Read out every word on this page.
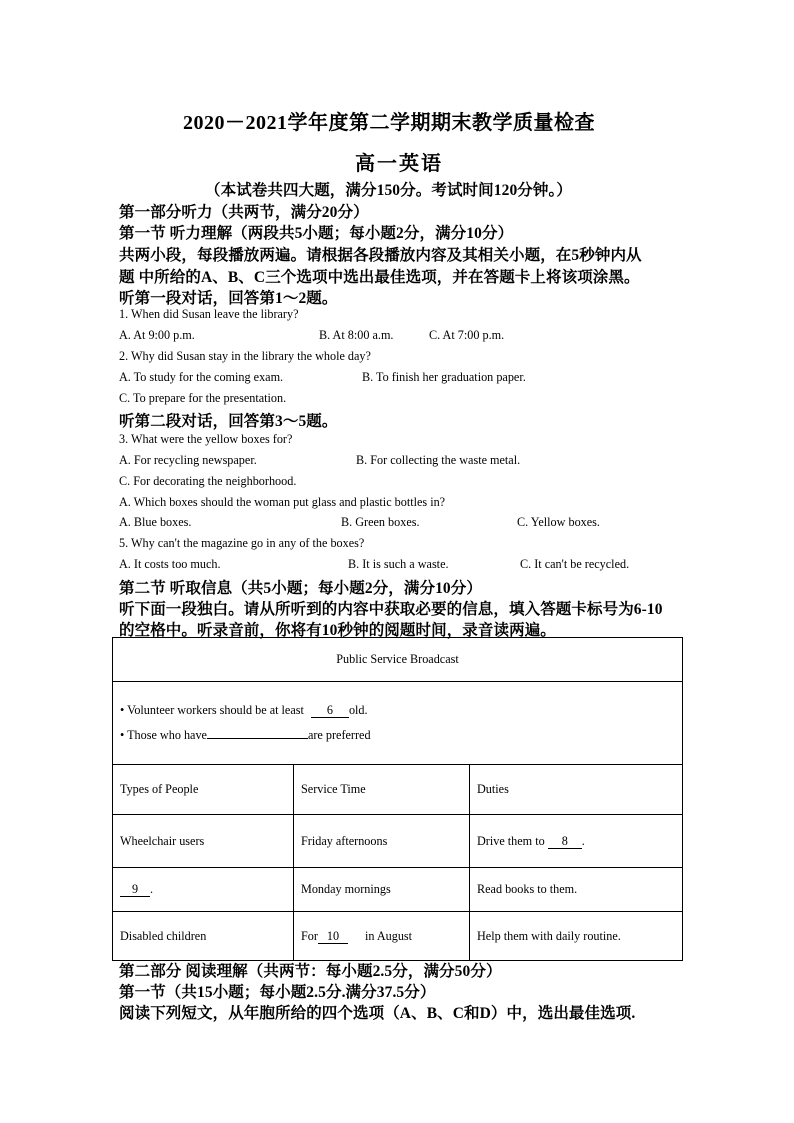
2020－2021学年度第二学期期末教学质量检查
高一英语
（本试卷共四大题，满分150分。考试时间120分钟。）
第一部分听力（共两节，满分20分）
第一节 听力理解（两段共5小题；每小题2分，满分10分）
共两小段，每段播放两遍。请根据各段播放内容及其相关小题，在5秒钟内从
题 中所给的A、B、C三个选项中选出最佳选项，并在答题卡上将该项涂黑。
听第一段对话，回答第1～2题。
1. When did Susan leave the library?
A. At 9:00 p.m.	B. At 8:00 a.m.	C. At 7:00 p.m.
2. Why did Susan stay in the library the whole day?
A. To study for the coming exam.	B. To finish her graduation paper.
C. To prepare for the presentation.
听第二段对话，回答第3～5题。
3. What were the yellow boxes for?
A. For recycling newspaper.	B. For collecting the waste metal.
C. For decorating the neighborhood.
A. Which boxes should the woman put glass and plastic bottles in?
A. Blue boxes.	B. Green boxes.	C. Yellow boxes.
5. Why can't the magazine go in any of the boxes?
A. It costs too much.	B. It is such a waste.	C. It can't be recycled.
第二节 听取信息（共5小题；每小题2分，满分10分）
听下面一段独白。请从所听到的内容中获取必要的信息，填入答题卡标号为6-10
的空格中。听录音前，你将有10秒钟的阅题时间，录音读两遍。
Public Service Broadcast		

• Volunteer workers should be at least 6 old.
• Those who have are preferred		

Types of People	Service Time	Duties
Wheelchair users	Friday afternoons	Drive them to 8 .
9 .	Monday mornings	Read books to them.
Disabled children	For 10 in August	Help them with daily routine.
第二部分 阅读理解（共两节：每小题2.5分，满分50分）
第一节（共15小题；每小题2.5分.满分37.5分）
阅读下列短文，从年胞所给的四个选项（A、B、C和D）中，选出最佳选项.
